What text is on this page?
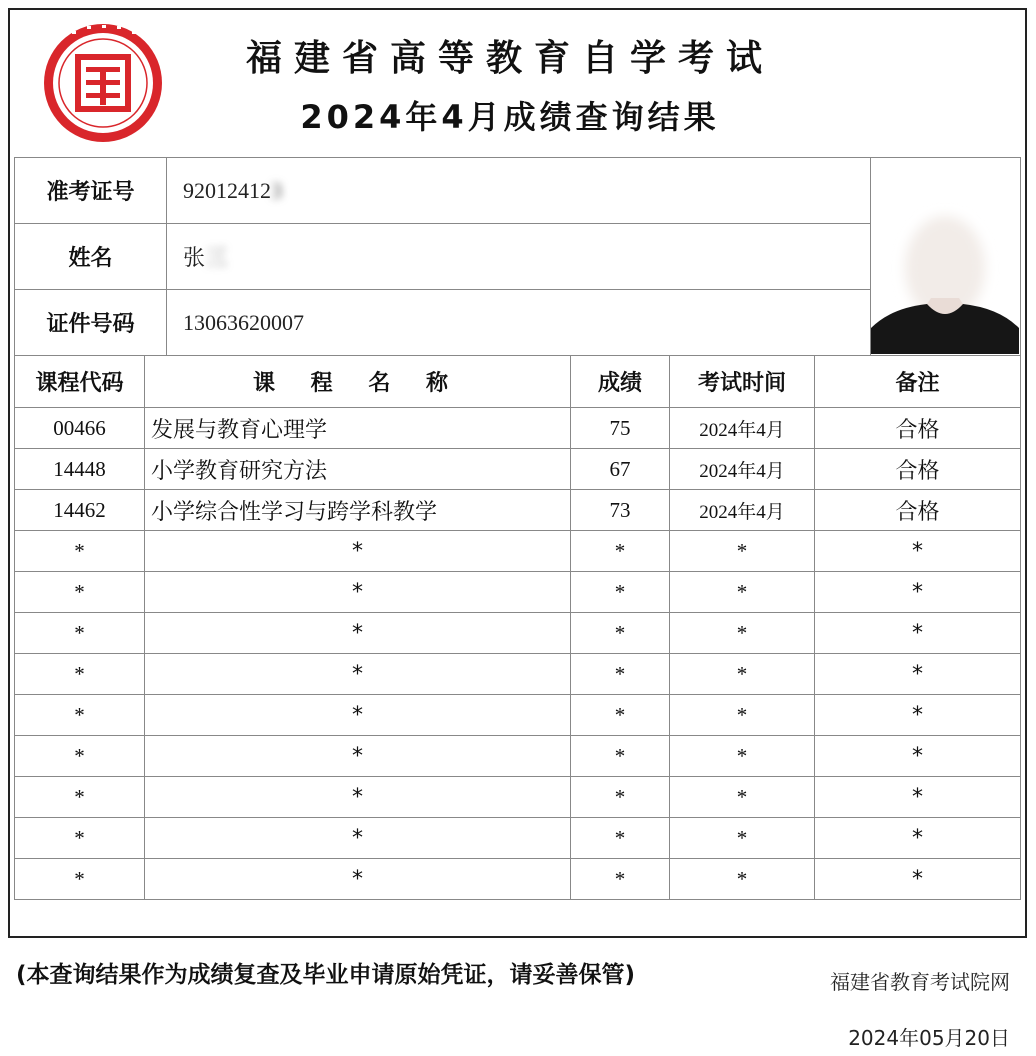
福建省高等教育自学考试
2024年4月成绩查询结果
准考证号	920124123	

姓名	张三	
证件号码	13063620007	
课程代码	课 程 名 称	成绩	考试时间	备注
00466	发展与教育心理学	75	2024年4月	合格
14448	小学教育研究方法	67	2024年4月	合格
14462	小学综合性学习与跨学科教学	73	2024年4月	合格
*	*	*	*	*
*	*	*	*	*
*	*	*	*	*
*	*	*	*	*
*	*	*	*	*
*	*	*	*	*
*	*	*	*	*
*	*	*	*	*
*	*	*	*	*
(本查询结果作为成绩复查及毕业申请原始凭证，请妥善保管)	福建省教育考试院网
2024年05月20日
